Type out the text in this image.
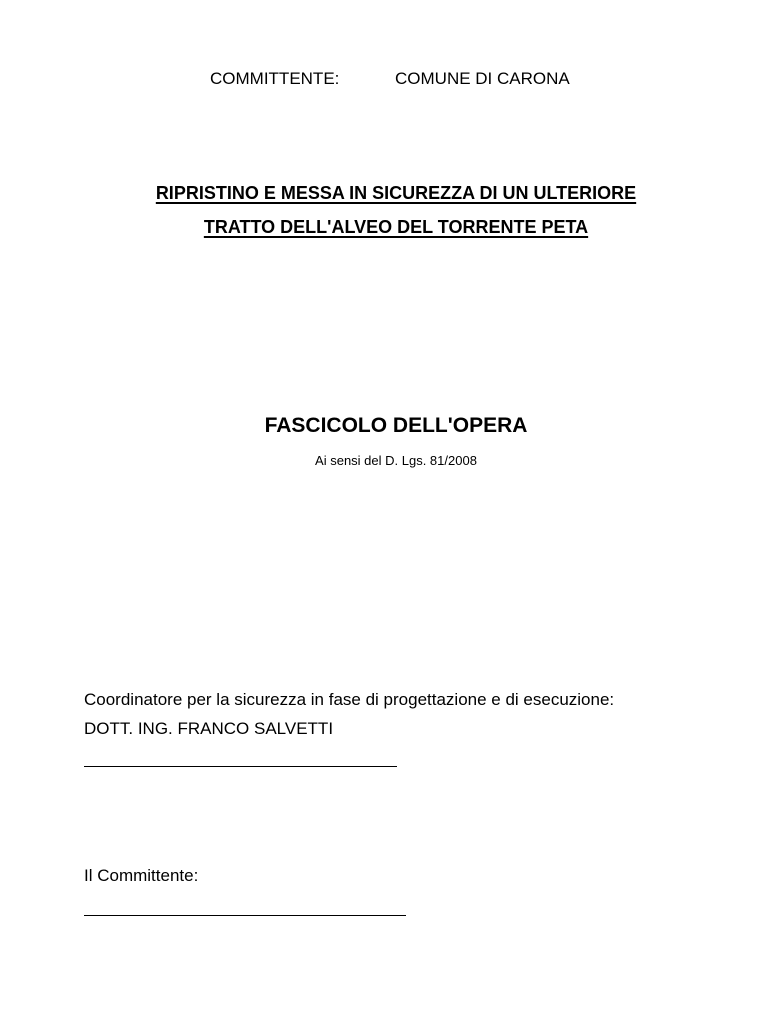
COMMITTENTE:	COMUNE DI CARONA
RIPRISTINO E MESSA IN SICUREZZA DI UN ULTERIORE
TRATTO DELL'ALVEO DEL TORRENTE PETA
FASCICOLO DELL'OPERA
Ai sensi del D. Lgs. 81/2008
Coordinatore per la sicurezza in fase di progettazione e di esecuzione:
DOTT. ING. FRANCO SALVETTI
Il Committente:
